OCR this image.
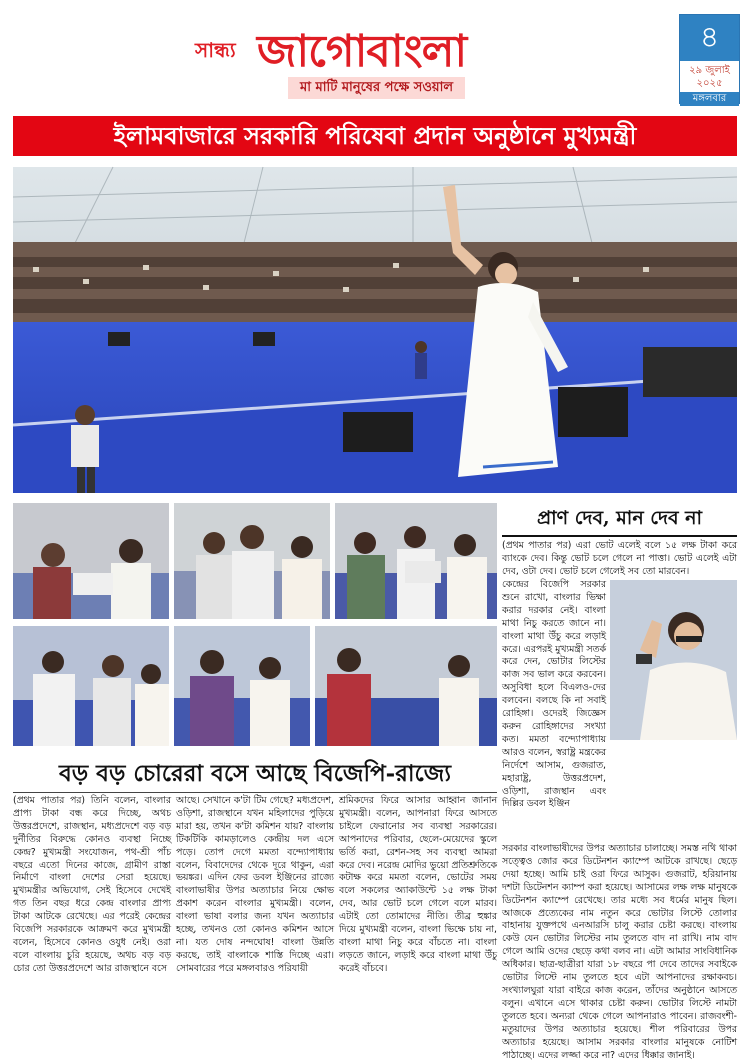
সান্ধ্য জাগোবাংলা
মা মাটি মানুষের পক্ষে সওয়াল
৪
২৯ জুলাই
২০২৫
মঙ্গলবার
ইলামবাজারে সরকারি পরিষেবা প্রদান অনুষ্ঠানে মুখ্যমন্ত্রী
প্রাণ দেব, মান দেব না
(প্রথম পাতার পর) এরা ভোট এলেই বলে ১৫ লক্ষ টাকা করে ব্যাংকে দেব। কিন্তু ভোট চলে গেলে না পাত্তা। ভোট এলেই এটা দেব, ওটা দেব। ভোট চলে গেলেই সব তো মারবেন।
কেন্দ্রের বিজেপি সরকার শুনে রাখো, বাংলার ভিক্ষা করার দরকার নেই। বাংলা মাথা নিচু করতে জানে না। বাংলা মাথা উঁচু করে লড়াই করে। এরপরই মুখ্যমন্ত্রী সতর্ক করে দেন, ভোটার লিস্টের কাজ সব ভাল করে করবেন। অসুবিধা হলে বিএলও-দের বলবেন। বলছে কি না সবাই রোহিঙ্গা। ওদেরই জিজ্ঞেস করুন রোহিঙ্গাদের সংখ্যা কত। মমতা বন্দ্যোপাধ্যায় আরও বলেন, স্বরাষ্ট্র মন্ত্রকের নির্দেশে আসাম, গুজরাত, মহারাষ্ট্র, উত্তরপ্রদেশ, ওড়িশা, রাজস্থান এবং দিল্লির ডবল ইঞ্জিন
সরকার বাংলাভাষীদের উপর অত্যাচার চালাচ্ছে। সমস্ত নথি থাকা সত্ত্বেও জোর করে ডিটেনশন ক্যাম্পে আটকে রাখছে। ছেড়ে দেয়া হচ্ছে। আমি চাই ওরা ফিরে আসুক। গুজরাট, হরিয়ানায় দশটা ডিটেনশন ক্যাম্প করা হয়েছে। আসামের লক্ষ লক্ষ মানুষকে ডিটেনশন ক্যাম্পে রেখেছে। তার মধ্যে সব ধর্মের মানুষ ছিল। আজকে প্রত্যেকের নাম নতুন করে ভোটার লিস্টে তোলার বাহানায় যুক্তপথে এনআরসি চালু করার চেষ্টা করছে। বাংলায় কেউ যেন ভোটার লিস্টের নাম তুলতে বাদ না রাখি। নাম বাদ গেলে আমি ওদের ছেড়ে কথা বলব না। এটা আমার সাংবিধানিক অধিকার। ছাত্র-ছাত্রীরা যারা ১৮ বছরে পা দেবে তাদের সবাইকে ভোটার লিস্টে নাম তুলতে হবে এটা আপনাদের রক্ষাকবচ। সংখ্যালঘুরা যারা বাইরে কাজ করেন, তাঁদের অনুষ্ঠানে আসতে বলুন। এখানে এসে থাকার চেষ্টা করুন। ভোটার লিস্টে নামটা তুলতে হবে। অন্যরা থেকে গেলে আপনারাও পাবেন। রাজবংশী-মতুয়াদের উপর অত্যাচার হয়েছে। শীল পরিবারের উপর অত্যাচার হয়েছে। আসাম সরকার বাংলার মানুষকে নোটিশ পাঠাচ্ছে। এদের লজ্জা করে না? এদের ধিক্কার জানাই।
বড় বড় চোরেরা বসে আছে বিজেপি-রাজ্যে
(প্রথম পাতার পর) তিনি বলেন, বাংলার প্রাপ্য টাকা বন্ধ করে দিচ্ছে, অথচ উত্তরপ্রদেশে, রাজস্থান, মধ্যপ্রদেশে বড় বড় দুর্নীতির বিরুদ্ধে কোনও ব্যবস্থা নিচ্ছে কেন্দ্র? মুখ্যমন্ত্রী সংযোজন, পথ-শ্রী পাঁচ বছরে এতো দিনের কাজে, গ্রামীণ রাস্তা নির্মাণে বাংলা দেশের সেরা হয়েছে। মুখ্যমন্ত্রীর অভিযোগ, সেই হিসেবে দেখেই গত তিন বছর ধরে কেন্দ্র বাংলার প্রাপ্য টাকা আটকে রেখেছে। এর পরেই কেন্দ্রের বিজেপি সরকারকে আক্রমণ করে মুখ্যমন্ত্রী বলেন, হিসেবে কোনও ওযুধ নেই। ওরা বলে বাংলায় চুরি হয়েছে, অথচ বড় বড় চোর তো উত্তরপ্রদেশে আর রাজস্থানে বসে
আছে। সেখানে ক'টা টিম গেছে? মধ্যপ্রদেশ, ওড়িশা, রাজস্থানে যখন মহিলাদের পুড়িয়ে মারা হয়, তখন ক'টা কমিশন যায়? বাংলায় টিকটিকি কামড়ালেও কেন্দ্রীয় দল এসে পড়ে। তোপ দেগে মমতা বন্দ্যোপাধ্যায় বলেন, বিবাদেদের থেকে দূরে থাকুন, এরা ভয়ঙ্কর। এদিন ফের ডবল ইঞ্জিনের রাজ্যে বাংলাভাষীর উপর অত্যাচার নিয়ে ক্ষোভ প্রকাশ করেন বাংলার মুখ্যমন্ত্রী। বলেন, বাংলা ভাষা বলার জন্য যখন অত্যাচার হচ্ছে, তখনও তো কোনও কমিশন আসে না। যত দোষ নন্দঘোষ! বাংলা উন্নতি করছে, তাই বাংলাকে শাস্তি দিচ্ছে এরা। সোমবারের পরে মঙ্গলবারও পরিযায়ী
শ্রমিকদের ফিরে আসার আহ্বান জানান মুখ্যমন্ত্রী। বলেন, আপনারা ফিরে আসতে চাইলে ফেরানোর সব ব্যবস্থা সরকারের। আপনাদের পরিবার, ছেলে-মেয়েদের স্কুলে ভর্তি করা, রেশন-সহ সব ব্যবস্থা আমরা করে দেব। নরেন্দ্র মোদির ভুয়ো প্রতিশ্রুতিকে কটাক্ষ করে মমতা বলেন, ভোটের সময় বলে সকলের অ্যাকাউন্টে ১৫ লক্ষ টাকা দেব, আর ভোট চলে গেলে বলে মারব। এটাই তো তোমাদের নীতি। তীব্র হুঙ্কার দিয়ে মুখ্যমন্ত্রী বলেন, বাংলা ভিক্ষে চায় না, বাংলা মাথা নিচু করে বাঁচতে না। বাংলা লড়তে জানে, লড়াই করে বাংলা মাথা উঁচু করেই বাঁচবে।
